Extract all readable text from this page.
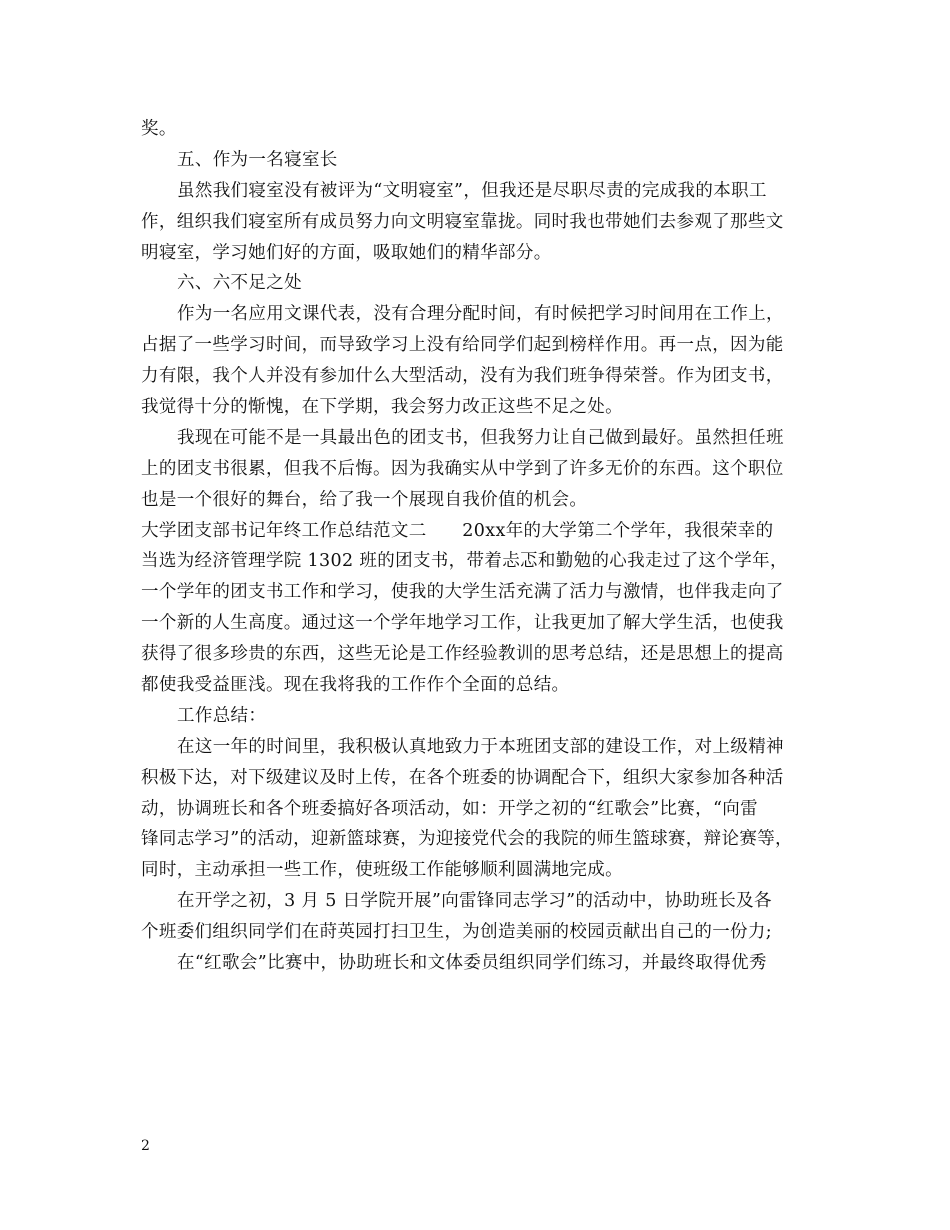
奖。
五、作为一名寝室长
虽然我们寝室没有被评为“文明寝室”，但我还是尽职尽责的完成我的本职工
作，组织我们寝室所有成员努力向文明寝室靠拢。同时我也带她们去参观了那些文
明寝室，学习她们好的方面，吸取她们的精华部分。
六、六不足之处
作为一名应用文课代表，没有合理分配时间，有时候把学习时间用在工作上，
占据了一些学习时间，而导致学习上没有给同学们起到榜样作用。再一点，因为能
力有限，我个人并没有参加什么大型活动，没有为我们班争得荣誉。作为团支书，
我觉得十分的惭愧，在下学期，我会努力改正这些不足之处。
我现在可能不是一具最出色的团支书，但我努力让自己做到最好。虽然担任班
上的团支书很累，但我不后悔。因为我确实从中学到了许多无价的东西。这个职位
也是一个很好的舞台，给了我一个展现自我价值的机会。
大学团支部书记年终工作总结范文二　　20xx年的大学第二个学年，我很荣幸的
当选为经济管理学院 1302 班的团支书，带着忐忑和勤勉的心我走过了这个学年，
一个学年的团支书工作和学习，使我的大学生活充满了活力与激情，也伴我走向了
一个新的人生高度。通过这一个学年地学习工作，让我更加了解大学生活，也使我
获得了很多珍贵的东西，这些无论是工作经验教训的思考总结，还是思想上的提高
都使我受益匪浅。现在我将我的工作作个全面的总结。
工作总结：
在这一年的时间里，我积极认真地致力于本班团支部的建设工作，对上级精神
积极下达，对下级建议及时上传，在各个班委的协调配合下，组织大家参加各种活
动，协调班长和各个班委搞好各项活动，如：开学之初的“红歌会”比赛，“向雷
锋同志学习”的活动，迎新篮球赛，为迎接党代会的我院的师生篮球赛，辩论赛等，
同时，主动承担一些工作，使班级工作能够顺利圆满地完成。
在开学之初，3 月 5 日学院开展”向雷锋同志学习”的活动中，协助班长及各
个班委们组织同学们在莳英园打扫卫生，为创造美丽的校园贡献出自己的一份力;
在“红歌会”比赛中，协助班长和文体委员组织同学们练习，并最终取得优秀
2
